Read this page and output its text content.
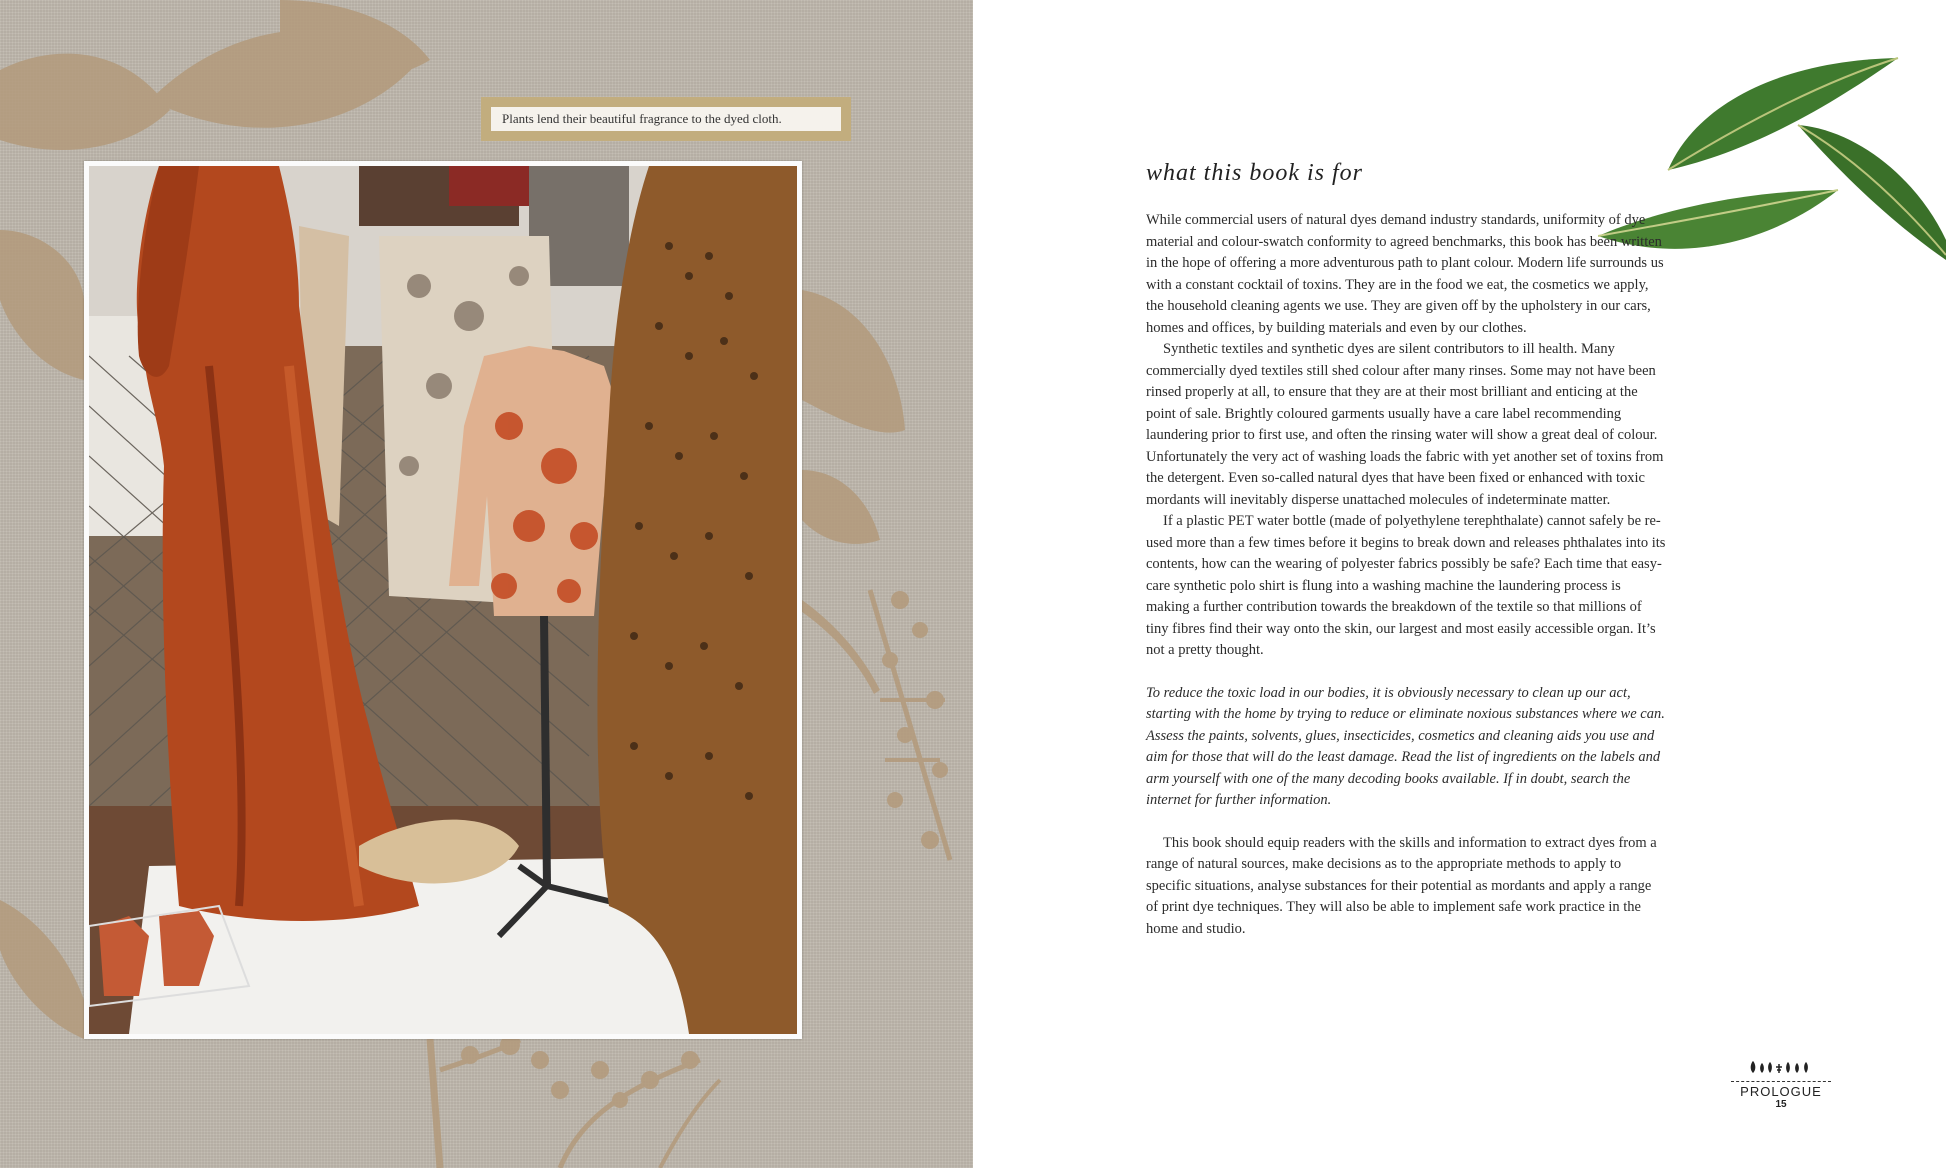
Plants lend their beautiful fragrance to the dyed cloth.
what this book is for

While commercial users of natural dyes demand industry standards, uniformity of dye material and colour-swatch conformity to agreed benchmarks, this book has been written in the hope of offering a more adventurous path to plant colour. Modern life surrounds us with a constant cocktail of toxins. They are in the food we eat, the cosmetics we apply, the household cleaning agents we use. They are given off by the upholstery in our cars, homes and offices, by building materials and even by our clothes.

Synthetic textiles and synthetic dyes are silent contributors to ill health. Many commercially dyed textiles still shed colour after many rinses. Some may not have been rinsed properly at all, to ensure that they are at their most brilliant and enticing at the point of sale. Brightly coloured garments usually have a care label recommending laundering prior to first use, and often the rinsing water will show a great deal of colour. Unfortunately the very act of washing loads the fabric with yet another set of toxins from the detergent. Even so-called natural dyes that have been fixed or enhanced with toxic mordants will inevitably disperse unattached molecules of indeterminate matter.

If a plastic PET water bottle (made of polyethylene terephthalate) cannot safely be re-used more than a few times before it begins to break down and releases phthalates into its contents, how can the wearing of polyester fabrics possibly be safe? Each time that easy-care synthetic polo shirt is flung into a washing machine the laundering process is making a further contribution towards the breakdown of the textile so that millions of tiny fibres find their way onto the skin, our largest and most easily accessible organ. It’s not a pretty thought.

To reduce the toxic load in our bodies, it is obviously necessary to clean up our act, starting with the home by trying to reduce or eliminate noxious substances where we can. Assess the paints, solvents, glues, insecticides, cosmetics and cleaning aids you use and aim for those that will do the least damage. Read the list of ingredients on the labels and arm yourself with one of the many decoding books available. If in doubt, search the internet for further information.

This book should equip readers with the skills and information to extract dyes from a range of natural sources, make decisions as to the appropriate methods to apply to specific situations, analyse substances for their potential as mordants and apply a range of print dye techniques. They will also be able to implement safe work practice in the home and studio.

PROLOGUE
15
